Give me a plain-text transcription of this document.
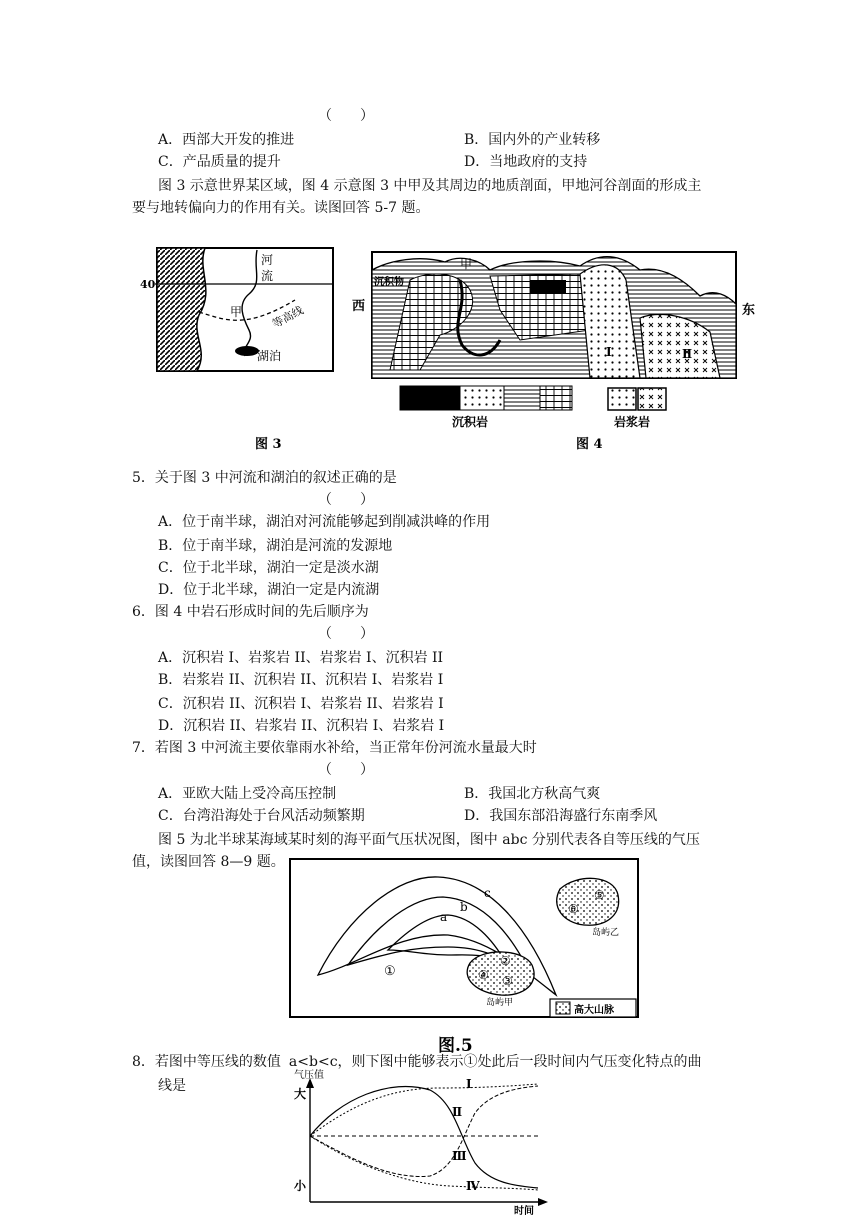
（　　）
A．西部大开发的推进	B．国内外的产业转移
C．产品质量的提升	D．当地政府的支持
图 3 示意世界某区域，图 4 示意图 3 中甲及其周边的地质剖面，甲地河谷剖面的形成主
要与地转偏向力的作用有关。读图回答 5-7 题。
40°
河
流
甲	等高线
湖泊
图 3
西	东
甲
沉积物
Ⅰ	Ⅱ
沉积岩	岩浆岩
图 4
5．关于图 3 中河流和湖泊的叙述正确的是
（　　）
A．位于南半球，湖泊对河流能够起到削减洪峰的作用
B．位于南半球，湖泊是河流的发源地
C．位于北半球，湖泊一定是淡水湖
D．位于北半球，湖泊一定是内流湖
6．图 4 中岩石形成时间的先后顺序为
（　　）
A．沉积岩 I、岩浆岩 II、岩浆岩 I、沉积岩 II
B．岩浆岩 II、沉积岩 II、沉积岩 I、岩浆岩 I
C．沉积岩 II、沉积岩 I、岩浆岩 II、岩浆岩 I
D．沉积岩 II、岩浆岩 II、沉积岩 I、岩浆岩 I
7．若图 3 中河流主要依靠雨水补给，当正常年份河流水量最大时
（　　）
A．亚欧大陆上受冷高压控制	B．我国北方秋高气爽
C．台湾沿海处于台风活动频繁期	D．我国东部沿海盛行东南季风
图 5 为北半球某海域某时刻的海平面气压状况图，图中 abc 分别代表各自等压线的气压
值，读图回答 8—9 题。
c
b
a
①
⑤
⑥
岛屿乙
②
④ ③
岛屿甲
高大山脉
图.5
8．若图中等压线的数值 a<b<c，则下图中能够表示①处此后一段时间内气压变化特点的曲
线是
气压值
大
小
时间
Ⅰ
Ⅱ
Ⅲ
Ⅳ
